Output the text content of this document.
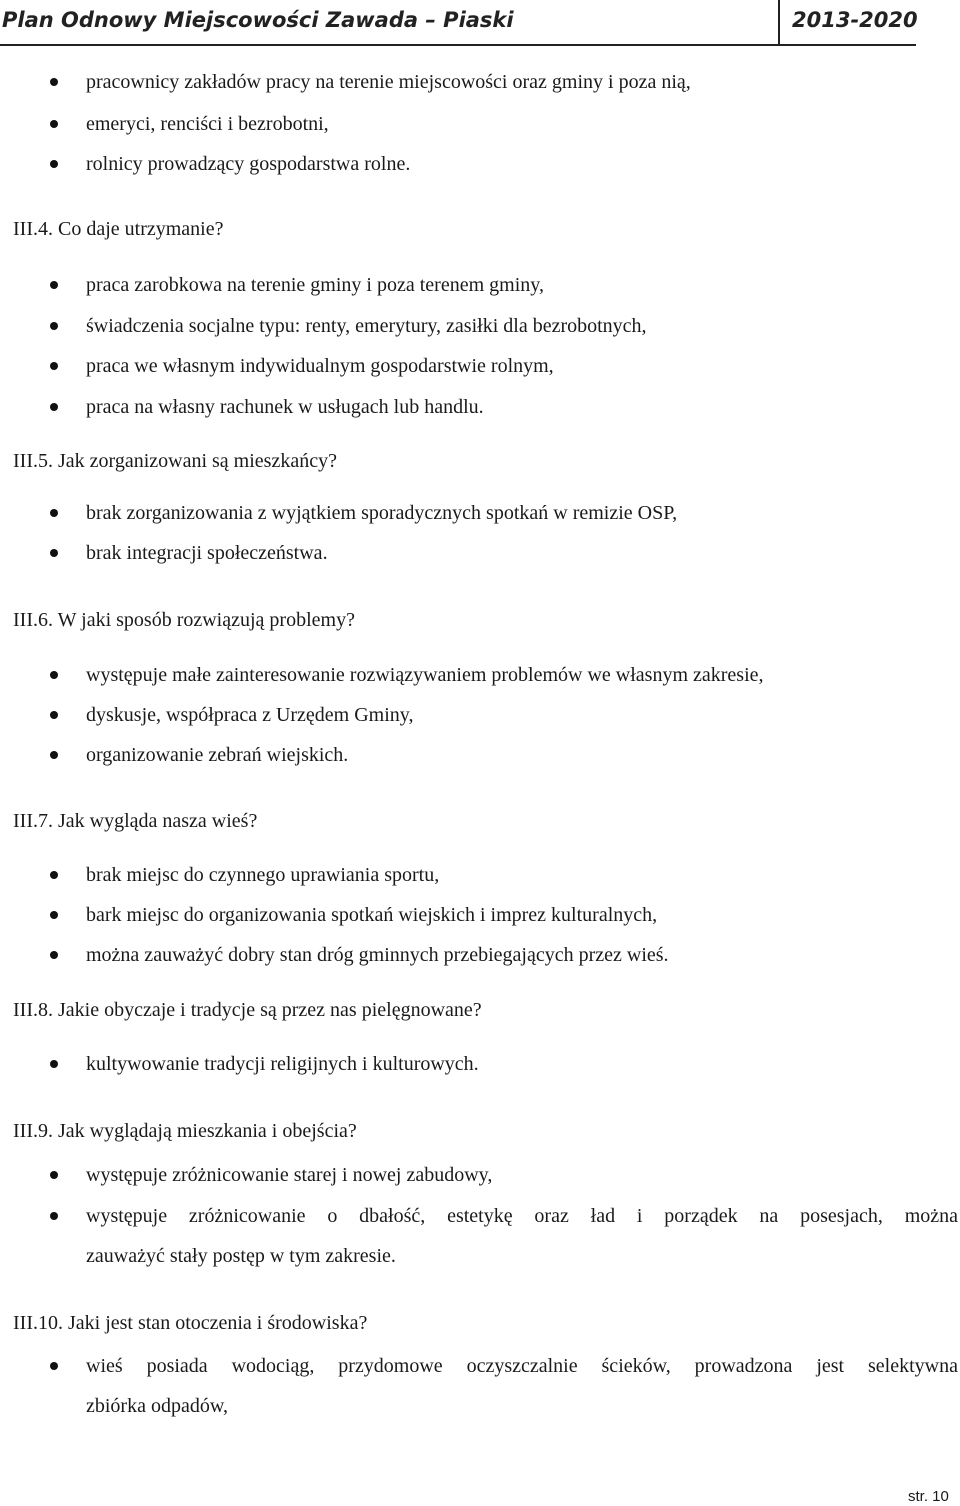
Plan Odnowy Miejscowości Zawada – Piaski	2013-2020
pracownicy zakładów pracy na terenie miejscowości oraz gminy i poza nią,
emeryci, renciści i bezrobotni,
rolnicy prowadzący gospodarstwa rolne.
III.4. Co daje utrzymanie?
praca zarobkowa na terenie gminy i poza terenem gminy,
świadczenia socjalne typu: renty, emerytury, zasiłki dla bezrobotnych,
praca we własnym indywidualnym gospodarstwie rolnym,
praca na własny rachunek w usługach lub handlu.
III.5. Jak zorganizowani są mieszkańcy?
brak zorganizowania z wyjątkiem sporadycznych spotkań w remizie OSP,
brak integracji społeczeństwa.
III.6. W jaki sposób rozwiązują problemy?
występuje małe zainteresowanie rozwiązywaniem problemów we własnym zakresie,
dyskusje, współpraca z Urzędem Gminy,
organizowanie zebrań wiejskich.
III.7. Jak wygląda nasza wieś?
brak miejsc do czynnego uprawiania sportu,
bark miejsc do organizowania spotkań wiejskich i imprez kulturalnych,
można zauważyć dobry stan dróg gminnych przebiegających przez wieś.
III.8. Jakie obyczaje i tradycje są przez nas pielęgnowane?
kultywowanie tradycji religijnych i kulturowych.
III.9. Jak wyglądają mieszkania i obejścia?
występuje zróżnicowanie starej i nowej zabudowy,
występuje zróżnicowanie o dbałość, estetykę oraz ład i porządek na posesjach, można
zauważyć stały postęp w tym zakresie.
III.10. Jaki jest stan otoczenia i środowiska?
wieś posiada wodociąg, przydomowe oczyszczalnie ścieków, prowadzona jest selektywna
zbiórka odpadów,
str. 10
